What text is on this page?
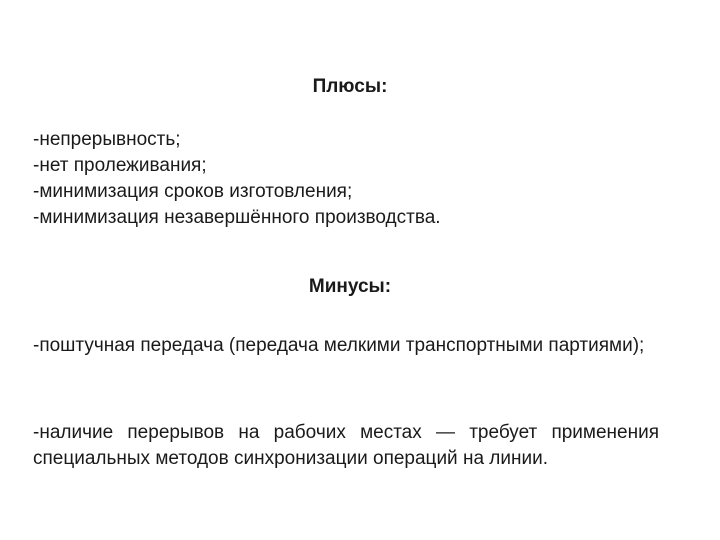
Плюсы:
-непрерывность;
-нет пролеживания;
-минимизация сроков изготовления;
-минимизация незавершённого производства.
Минусы:

-поштучная передача (передача мелкими транспортными партиями);

-наличие перерывов на рабочих местах — требует применения специальных методов синхронизации операций на линии.
